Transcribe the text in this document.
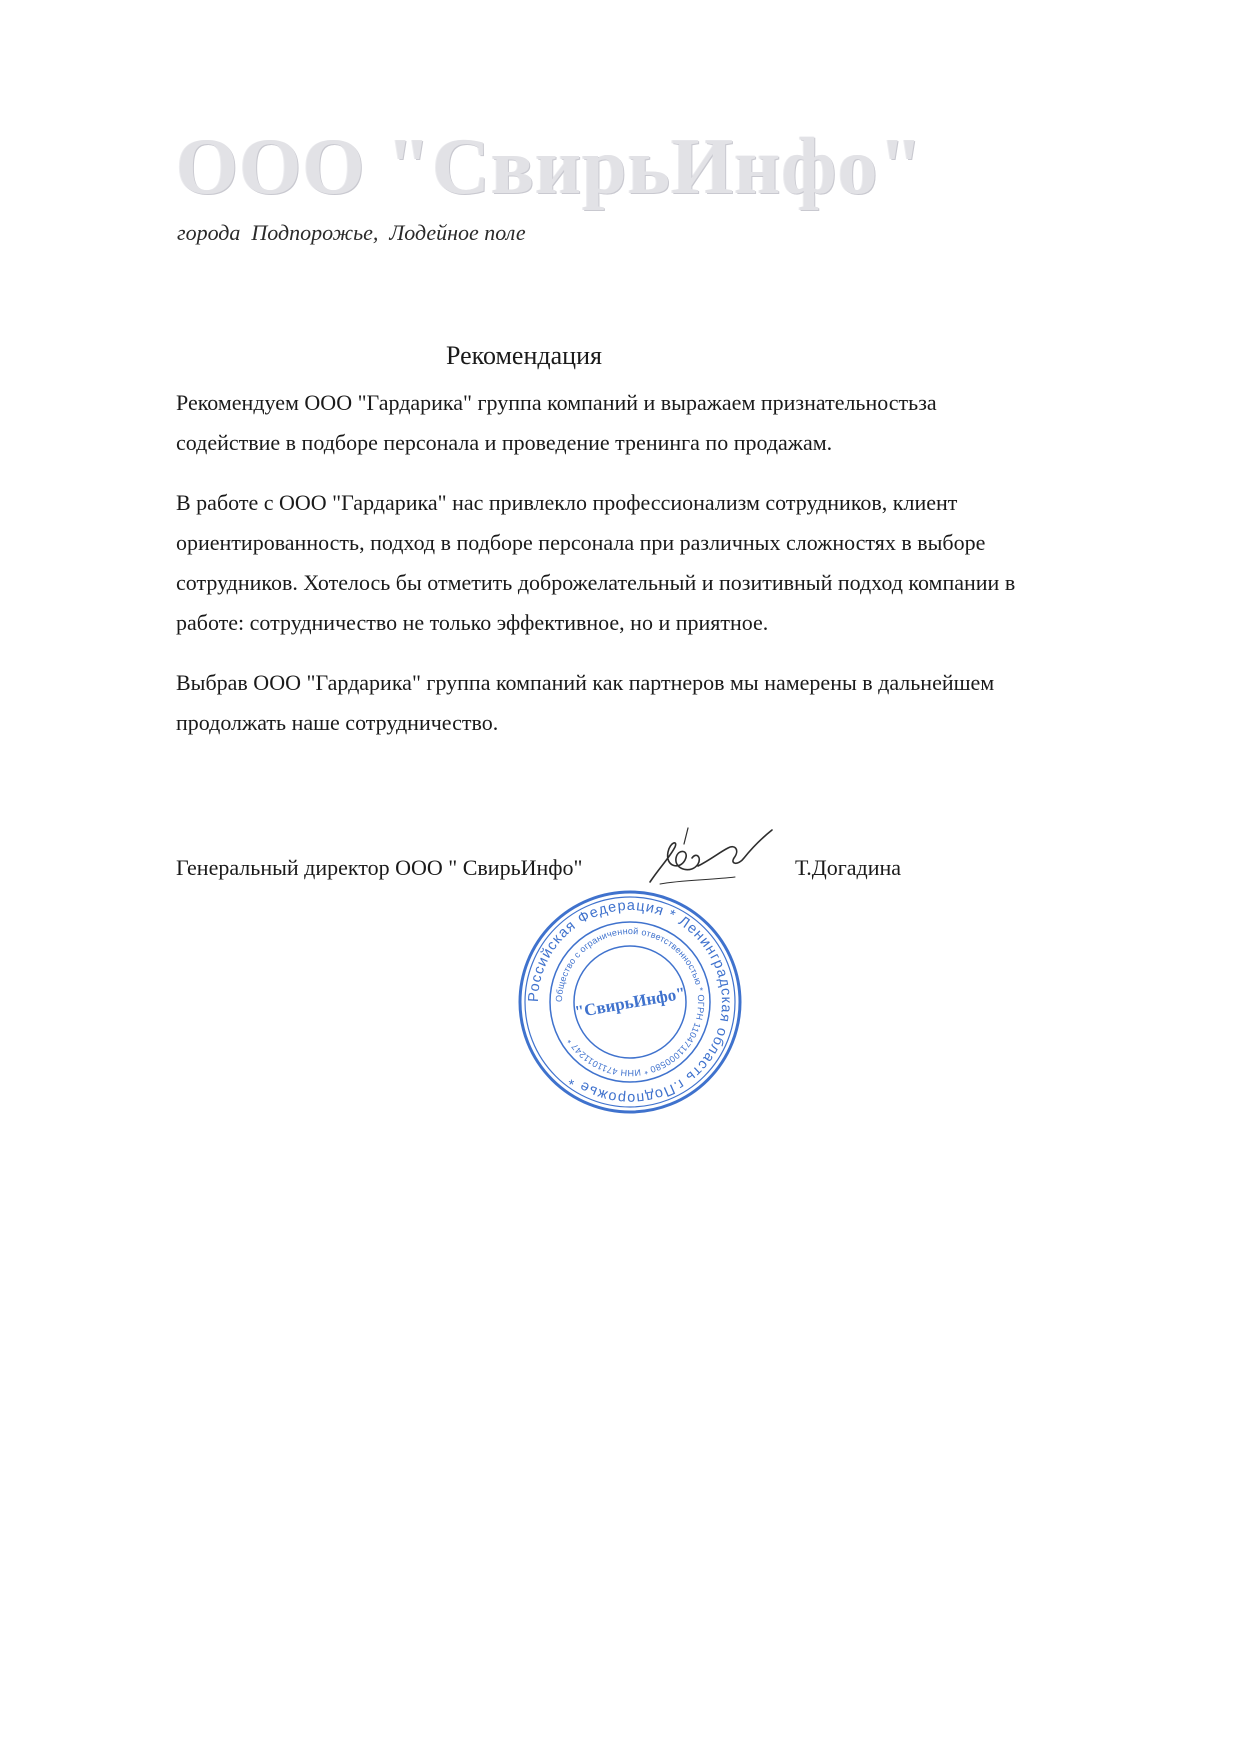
ООО "СвирьИнфо"
города  Подпорожье,  Лодейное поле
Рекомендация

Рекомендуем ООО "Гардарика" группа компаний и выражаем признательностьза
содействие в подборе персонала и проведение тренинга по продажам.

В работе с ООО "Гардарика" нас привлекло профессионализм сотрудников, клиент
ориентированность, подход в подборе персонала при различных сложностях в выборе
сотрудников. Хотелось бы отметить доброжелательный и позитивный подход компании в
работе: сотрудничество не только эффективное, но и приятное.

Выбрав ООО "Гардарика" группа компаний как партнеров мы намерены в дальнейшем
продолжать наше сотрудничество.

Генеральный директор ООО " СвирьИнфо"	Т.Догадина
Российская Федерация * Ленинградская область г.Подпорожье *
Общество с ограниченной ответственностью * ОГРН 1104711000580 * ИНН 4711011247 *
"СвирьИнфо"
